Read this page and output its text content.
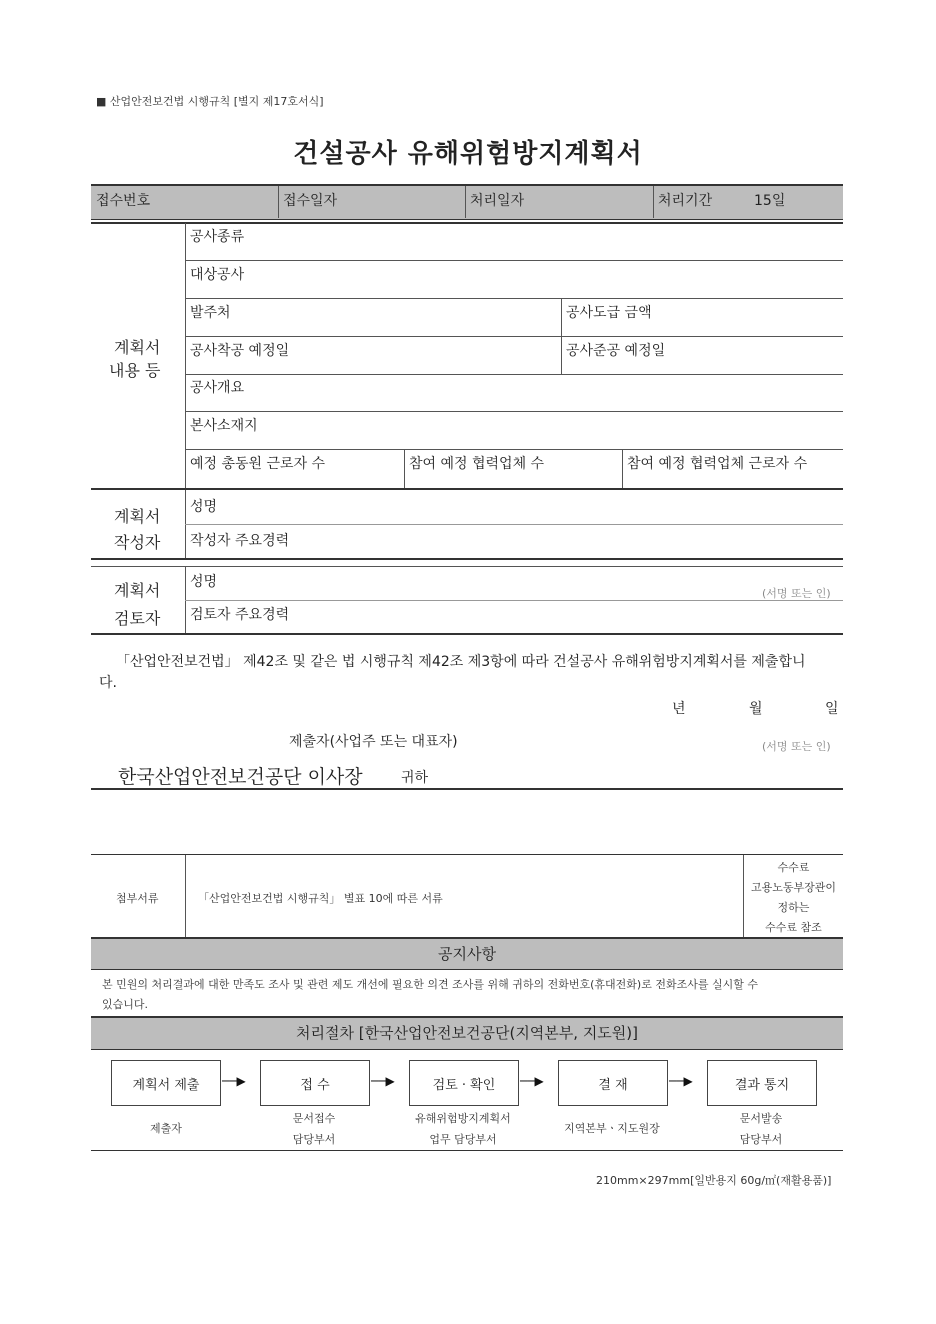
■ 산업안전보건법 시행규칙 [별지 제17호서식]
건설공사 유해위험방지계획서
접수번호	접수일자	처리일자	처리기간	15일
계획서
내용 등
공사종류
대상공사
발주처	공사도급 금액
공사착공 예정일	공사준공 예정일
공사개요
본사소재지
예정 총동원 근로자 수	참여 예정 협력업체 수	참여 예정 협력업체 근로자 수
계획서
작성자
성명
작성자 주요경력
계획서
검토자
성명
(서명 또는 인)
검토자 주요경력
「산업안전보건법」 제42조 및 같은 법 시행규칙 제42조 제3항에 따라 건설공사 유해위험방지계획서를 제출합니
다.
년	월	일
제출자(사업주 또는 대표자)	(서명 또는 인)
한국산업안전보건공단 이사장	귀하
첨부서류	「산업안전보건법 시행규칙」 별표 10에 따른 서류
수수료
고용노동부장관이
정하는
수수료 참조
공지사항
본 민원의 처리결과에 대한 만족도 조사 및 관련 제도 개선에 필요한 의견 조사를 위해 귀하의 전화번호(휴대전화)로 전화조사를 실시할 수
있습니다.
처리절차 [한국산업안전보건공단(지역본부, 지도원)]
계획서 제출	──▶	접 수	──▶	검토 · 확인	──▶	결 재	──▶	결과 통지
제출자
문서접수
담당부서
유해위험방지계획서
업무 담당부서
지역본부ㆍ지도원장
문서발송
담당부서
210mm×297mm[일반용지 60g/㎡(재활용품)]
